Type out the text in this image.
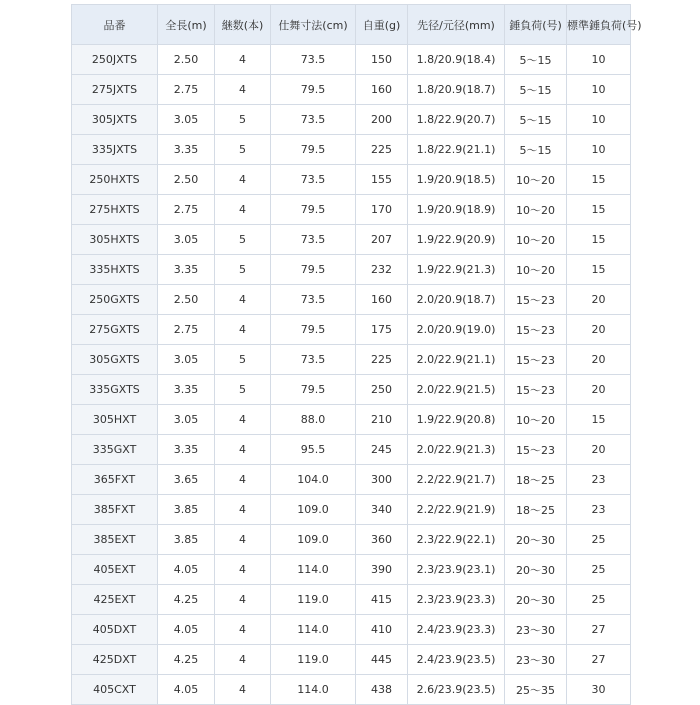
品番	全長(m)	継数(本)	仕舞寸法(cm)	自重(g)	先径/元径(mm)	錘負荷(号)	標準錘負荷(号)
250JXTS	2.50	4	73.5	150	1.8/20.9(18.4)	5～15	10
275JXTS	2.75	4	79.5	160	1.8/20.9(18.7)	5～15	10
305JXTS	3.05	5	73.5	200	1.8/22.9(20.7)	5～15	10
335JXTS	3.35	5	79.5	225	1.8/22.9(21.1)	5～15	10
250HXTS	2.50	4	73.5	155	1.9/20.9(18.5)	10～20	15
275HXTS	2.75	4	79.5	170	1.9/20.9(18.9)	10～20	15
305HXTS	3.05	5	73.5	207	1.9/22.9(20.9)	10～20	15
335HXTS	3.35	5	79.5	232	1.9/22.9(21.3)	10～20	15
250GXTS	2.50	4	73.5	160	2.0/20.9(18.7)	15～23	20
275GXTS	2.75	4	79.5	175	2.0/20.9(19.0)	15～23	20
305GXTS	3.05	5	73.5	225	2.0/22.9(21.1)	15～23	20
335GXTS	3.35	5	79.5	250	2.0/22.9(21.5)	15～23	20
305HXT	3.05	4	88.0	210	1.9/22.9(20.8)	10～20	15
335GXT	3.35	4	95.5	245	2.0/22.9(21.3)	15～23	20
365FXT	3.65	4	104.0	300	2.2/22.9(21.7)	18～25	23
385FXT	3.85	4	109.0	340	2.2/22.9(21.9)	18～25	23
385EXT	3.85	4	109.0	360	2.3/22.9(22.1)	20～30	25
405EXT	4.05	4	114.0	390	2.3/23.9(23.1)	20～30	25
425EXT	4.25	4	119.0	415	2.3/23.9(23.3)	20～30	25
405DXT	4.05	4	114.0	410	2.4/23.9(23.3)	23～30	27
425DXT	4.25	4	119.0	445	2.4/23.9(23.5)	23～30	27
405CXT	4.05	4	114.0	438	2.6/23.9(23.5)	25～35	30
